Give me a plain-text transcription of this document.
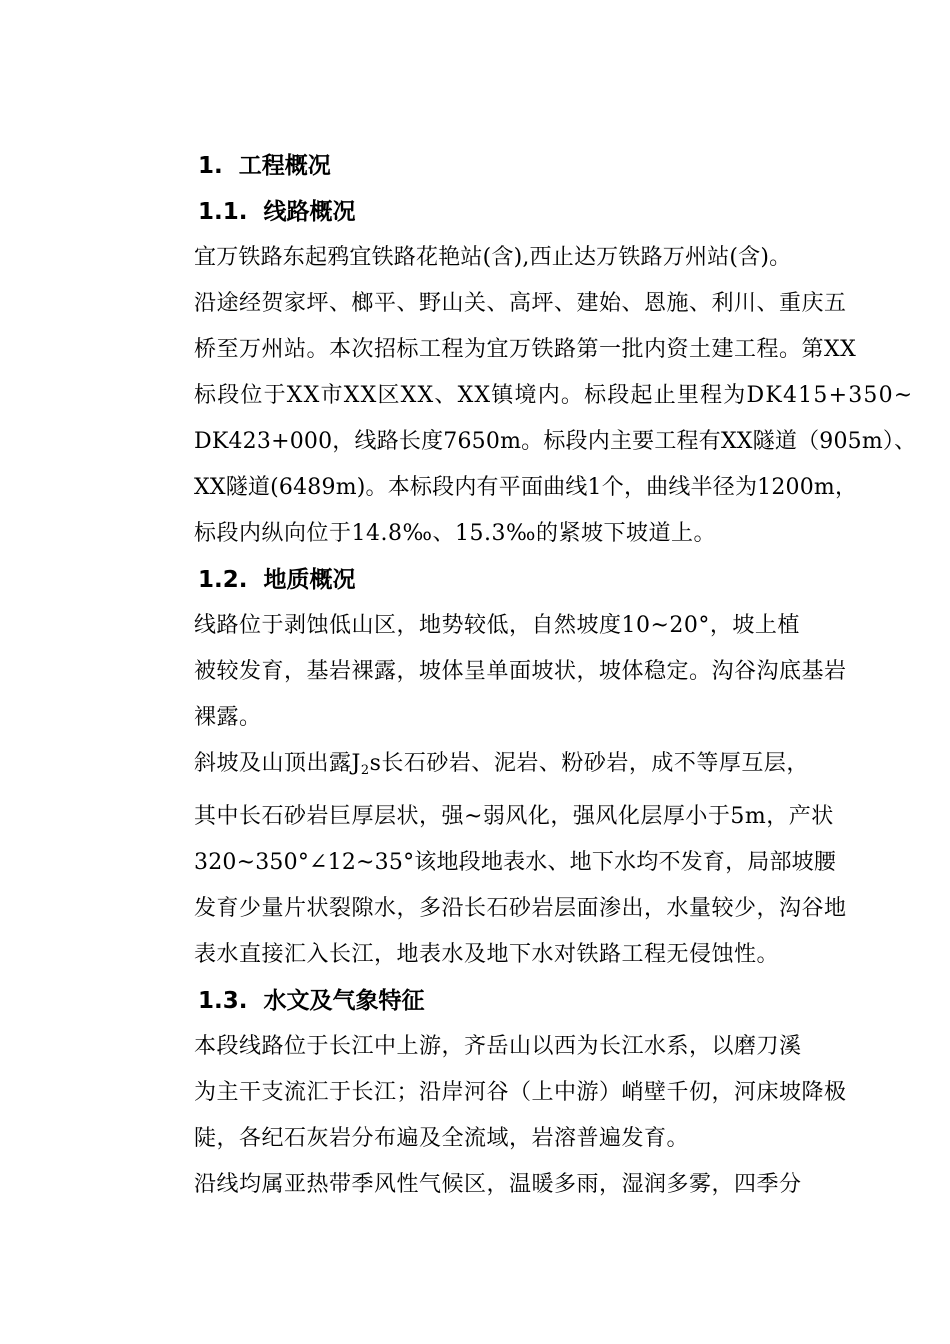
1. 工程概况
1.1. 线路概况
宜万铁路东起鸦宜铁路花艳站(含),西止达万铁路万州站(含)。
沿途经贺家坪、榔平、野山关、高坪、建始、恩施、利川、重庆五
桥至万州站。本次招标工程为宜万铁路第一批内资土建工程。第XX
标段位于XX市XX区XX、XX镇境内。标段起止里程为DK415+350~
DK423+000，线路长度7650m。标段内主要工程有XX隧道（905m）、
XX隧道(6489m)。本标段内有平面曲线1个，曲线半径为1200m，
标段内纵向位于14.8‰、15.3‰的紧坡下坡道上。
1.2. 地质概况
线路位于剥蚀低山区，地势较低，自然坡度10~20°，坡上植
被较发育，基岩裸露，坡体呈单面坡状，坡体稳定。沟谷沟底基岩
裸露。
斜坡及山顶出露$J_2s$长石砂岩、泥岩、粉砂岩，成不等厚互层，
其中长石砂岩巨厚层状，强~弱风化，强风化层厚小于5m，产状
320~350°∠12~35°该地段地表水、地下水均不发育，局部坡腰
发育少量片状裂隙水，多沿长石砂岩层面渗出，水量较少，沟谷地
表水直接汇入长江，地表水及地下水对铁路工程无侵蚀性。
1.3. 水文及气象特征
本段线路位于长江中上游，齐岳山以西为长江水系，以磨刀溪
为主干支流汇于长江；沿岸河谷（上中游）峭壁千仞，河床坡降极
陡，各纪石灰岩分布遍及全流域，岩溶普遍发育。
沿线均属亚热带季风性气候区，温暖多雨，湿润多雾，四季分
